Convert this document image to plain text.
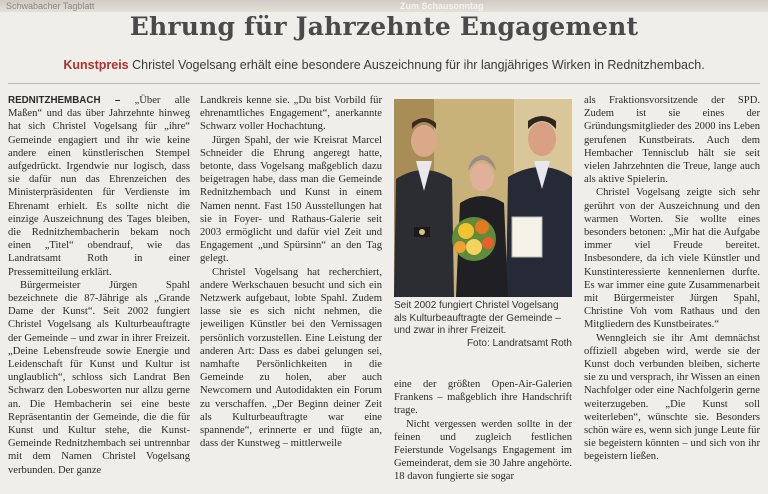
Schwabacher Tagblatt	Zum Schausonntag
Ehrung für Jahrzehnte Engagement
Kunstpreis Christel Vogelsang erhält eine besondere Auszeichnung für ihr langjähriges Wirken in Rednitzhembach.

REDNITZHEMBACH – „Über alle Maßen“ und das über Jahrzehnte hinweg hat sich Christel Vogelsang für „ihre“ Gemeinde engagiert und ihr wie keine andere einen künstlerischen Stempel aufgedrückt. Irgendwie nur logisch, dass sie dafür nun das Ehrenzeichen des Ministerpräsidenten für Verdienste im Ehrenamt erhielt. Es sollte nicht die einzige Auszeichnung des Tages bleiben, die Rednitzhembacherin bekam noch einen „Titel“ obendrauf, wie das Landratsamt Roth in einer Pressemitteilung erklärt.

Bürgermeister Jürgen Spahl bezeichnete die 87-Jährige als „Grande Dame der Kunst“. Seit 2002 fungiert Christel Vogelsang als Kulturbeauftragte der Gemeinde – und zwar in ihrer Freizeit. „Deine Lebensfreude sowie Energie und Leidenschaft für Kunst und Kultur ist unglaublich“, schloss sich Landrat Ben Schwarz den Lobesworten nur allzu gerne an. Die Hembacherin sei eine beste Repräsentantin der Gemeinde, die die für Kunst und Kultur stehe, die Kunst-Gemeinde Rednitzhembach sei untrennbar mit dem Namen Christel Vogelsang verbunden. Der ganze

Landkreis kenne sie. „Du bist Vorbild für ehrenamtliches Engagement“, anerkannte Schwarz voller Hochachtung.

Jürgen Spahl, der wie Kreisrat Marcel Schneider die Ehrung angeregt hatte, betonte, dass Vogelsang maßgeblich dazu beigetragen habe, dass man die Gemeinde Rednitzhembach und Kunst in einem Namen nennt. Fast 150 Ausstellungen hat sie in Foyer- und Rathaus-Galerie seit 2003 ermöglicht und dafür viel Zeit und Engagement „und Spürsinn“ an den Tag gelegt.

Christel Vogelsang hat recherchiert, andere Werkschauen besucht und sich ein Netzwerk aufgebaut, lobte Spahl. Zudem lasse sie es sich nicht nehmen, die jeweiligen Künstler bei den Vernissagen persönlich vorzustellen. Eine Leistung der anderen Art: Dass es dabei gelungen sei, namhafte Persönlichkeiten in die Gemeinde zu holen, aber auch Newcomern und Autodidakten ein Forum zu verschaffen. „Der Beginn deiner Zeit als Kulturbeauftragte war eine spannende“, erinnerte er und fügte an, dass der Kunstweg – mittlerweile

Seit 2002 fungiert Christel Vogelsang als Kulturbeauftragte der Gemeinde – und zwar in ihrer Freizeit.
Foto: Landratsamt Roth

eine der größten Open-Air-Galerien Frankens – maßgeblich ihre Handschrift trage.

Nicht vergessen werden sollte in der feinen und zugleich festlichen Feierstunde Vogelsangs Engagement im Gemeinderat, dem sie 30 Jahre angehörte. 18 davon fungierte sie sogar

als Fraktionsvorsitzende der SPD. Zudem ist sie eines der Gründungsmitglieder des 2000 ins Leben gerufenen Kunstbeirats. Auch dem Hembacher Tennisclub hält sie seit vielen Jahrzehnten die Treue, lange auch als aktive Spielerin.

Christel Vogelsang zeigte sich sehr gerührt von der Auszeichnung und den warmen Worten. Sie wollte eines besonders betonen: „Mir hat die Aufgabe immer viel Freude bereitet. Insbesondere, da ich viele Künstler und Kunstinteressierte kennenlernen durfte. Es war immer eine gute Zusammenarbeit mit Bürgermeister Jürgen Spahl, Christine Voh vom Rathaus und den Mitgliedern des Kunstbeirates.“

Wenngleich sie ihr Amt demnächst offiziell abgeben wird, werde sie der Kunst doch verbunden bleiben, sicherte sie zu und versprach, ihr Wissen an einen Nachfolger oder eine Nachfolgerin gerne weiterzugeben. „Die Kunst soll weiterleben“, wünschte sie. Besonders schön wäre es, wenn sich junge Leute für sie begeistern könnten – und sich von ihr begeistern ließen.
